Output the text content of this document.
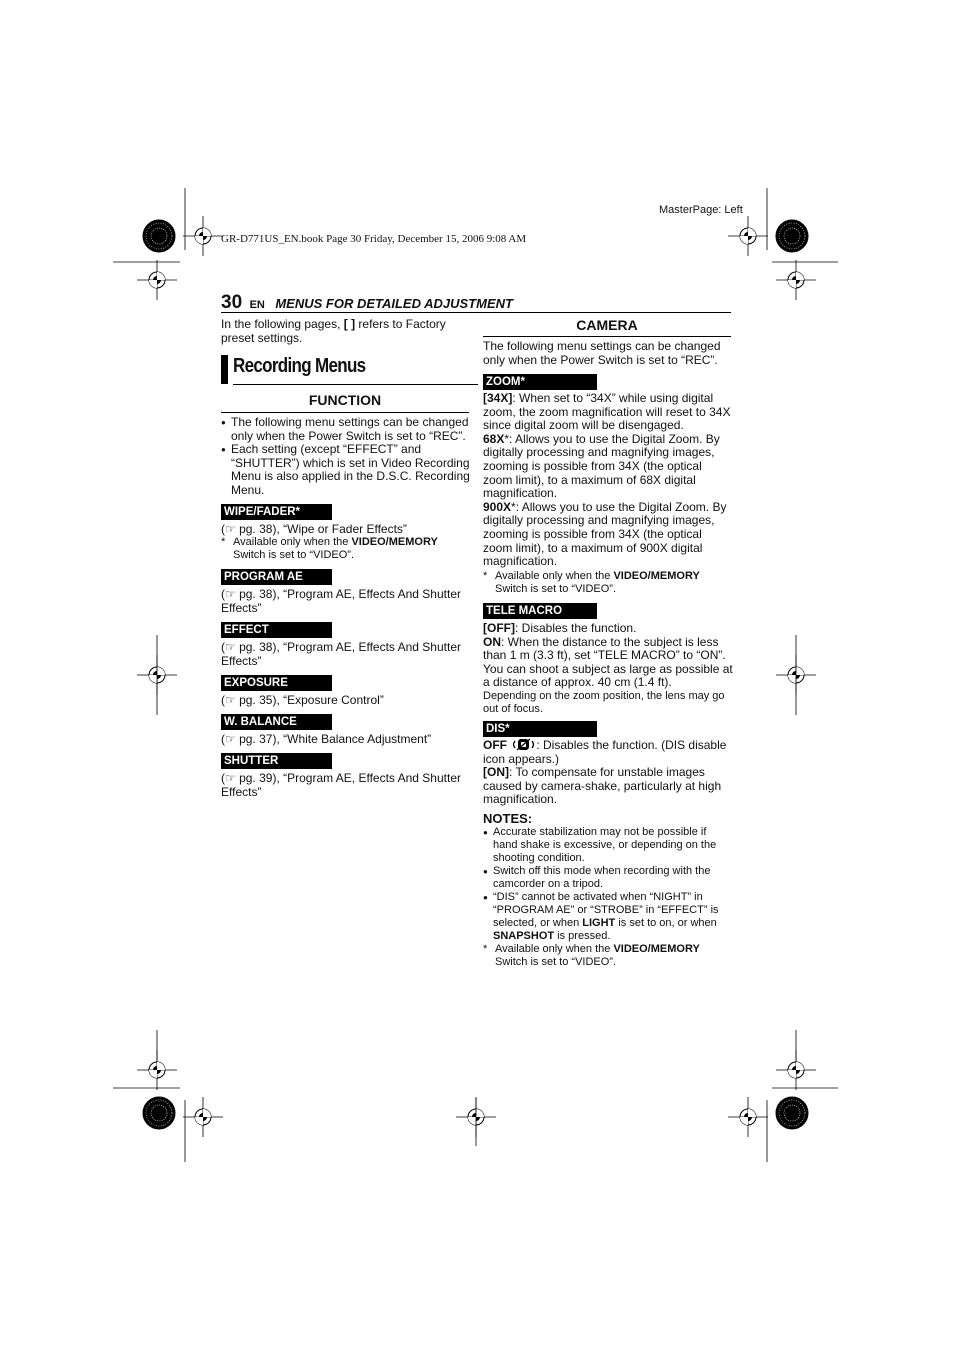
MasterPage: Left
GR-D771US_EN.book Page 30 Friday, December 15, 2006 9:08 AM
30 EN MENUS FOR DETAILED ADJUSTMENT
In the following pages, [ ] refers to Factory preset settings.
Recording Menus
FUNCTION
● The following menu settings can be changed only when the Power Switch is set to “REC”.
● Each setting (except “EFFECT” and “SHUTTER”) which is set in Video Recording Menu is also applied in the D.S.C. Recording Menu.
WIPE/FADER*
(☞ pg. 38), “Wipe or Fader Effects”
* Available only when the VIDEO/MEMORY Switch is set to “VIDEO”.
PROGRAM AE
(☞ pg. 38), “Program AE, Effects And Shutter Effects”
EFFECT
(☞ pg. 38), “Program AE, Effects And Shutter Effects”
EXPOSURE
(☞ pg. 35), “Exposure Control”
W. BALANCE
(☞ pg. 37), “White Balance Adjustment”
SHUTTER
(☞ pg. 39), “Program AE, Effects And Shutter Effects”
CAMERA
The following menu settings can be changed only when the Power Switch is set to “REC”.
ZOOM*
[34X]: When set to “34X” while using digital zoom, the zoom magnification will reset to 34X since digital zoom will be disengaged.
68X*: Allows you to use the Digital Zoom. By digitally processing and magnifying images, zooming is possible from 34X (the optical zoom limit), to a maximum of 68X digital magnification.
900X*: Allows you to use the Digital Zoom. By digitally processing and magnifying images, zooming is possible from 34X (the optical zoom limit), to a maximum of 900X digital magnification.
* Available only when the VIDEO/MEMORY Switch is set to “VIDEO”.
TELE MACRO
[OFF]: Disables the function.
ON: When the distance to the subject is less than 1 m (3.3 ft), set “TELE MACRO” to “ON”. You can shoot a subject as large as possible at a distance of approx. 40 cm (1.4 ft).
Depending on the zoom position, the lens may go out of focus.
DIS*
OFF : Disables the function. (DIS disable icon appears.)
[ON]: To compensate for unstable images caused by camera-shake, particularly at high magnification.
NOTES:
● Accurate stabilization may not be possible if hand shake is excessive, or depending on the shooting condition.
● Switch off this mode when recording with the camcorder on a tripod.
● “DIS” cannot be activated when “NIGHT” in “PROGRAM AE” or “STROBE” in “EFFECT” is selected, or when LIGHT is set to on, or when SNAPSHOT is pressed.
* Available only when the VIDEO/MEMORY Switch is set to “VIDEO”.
